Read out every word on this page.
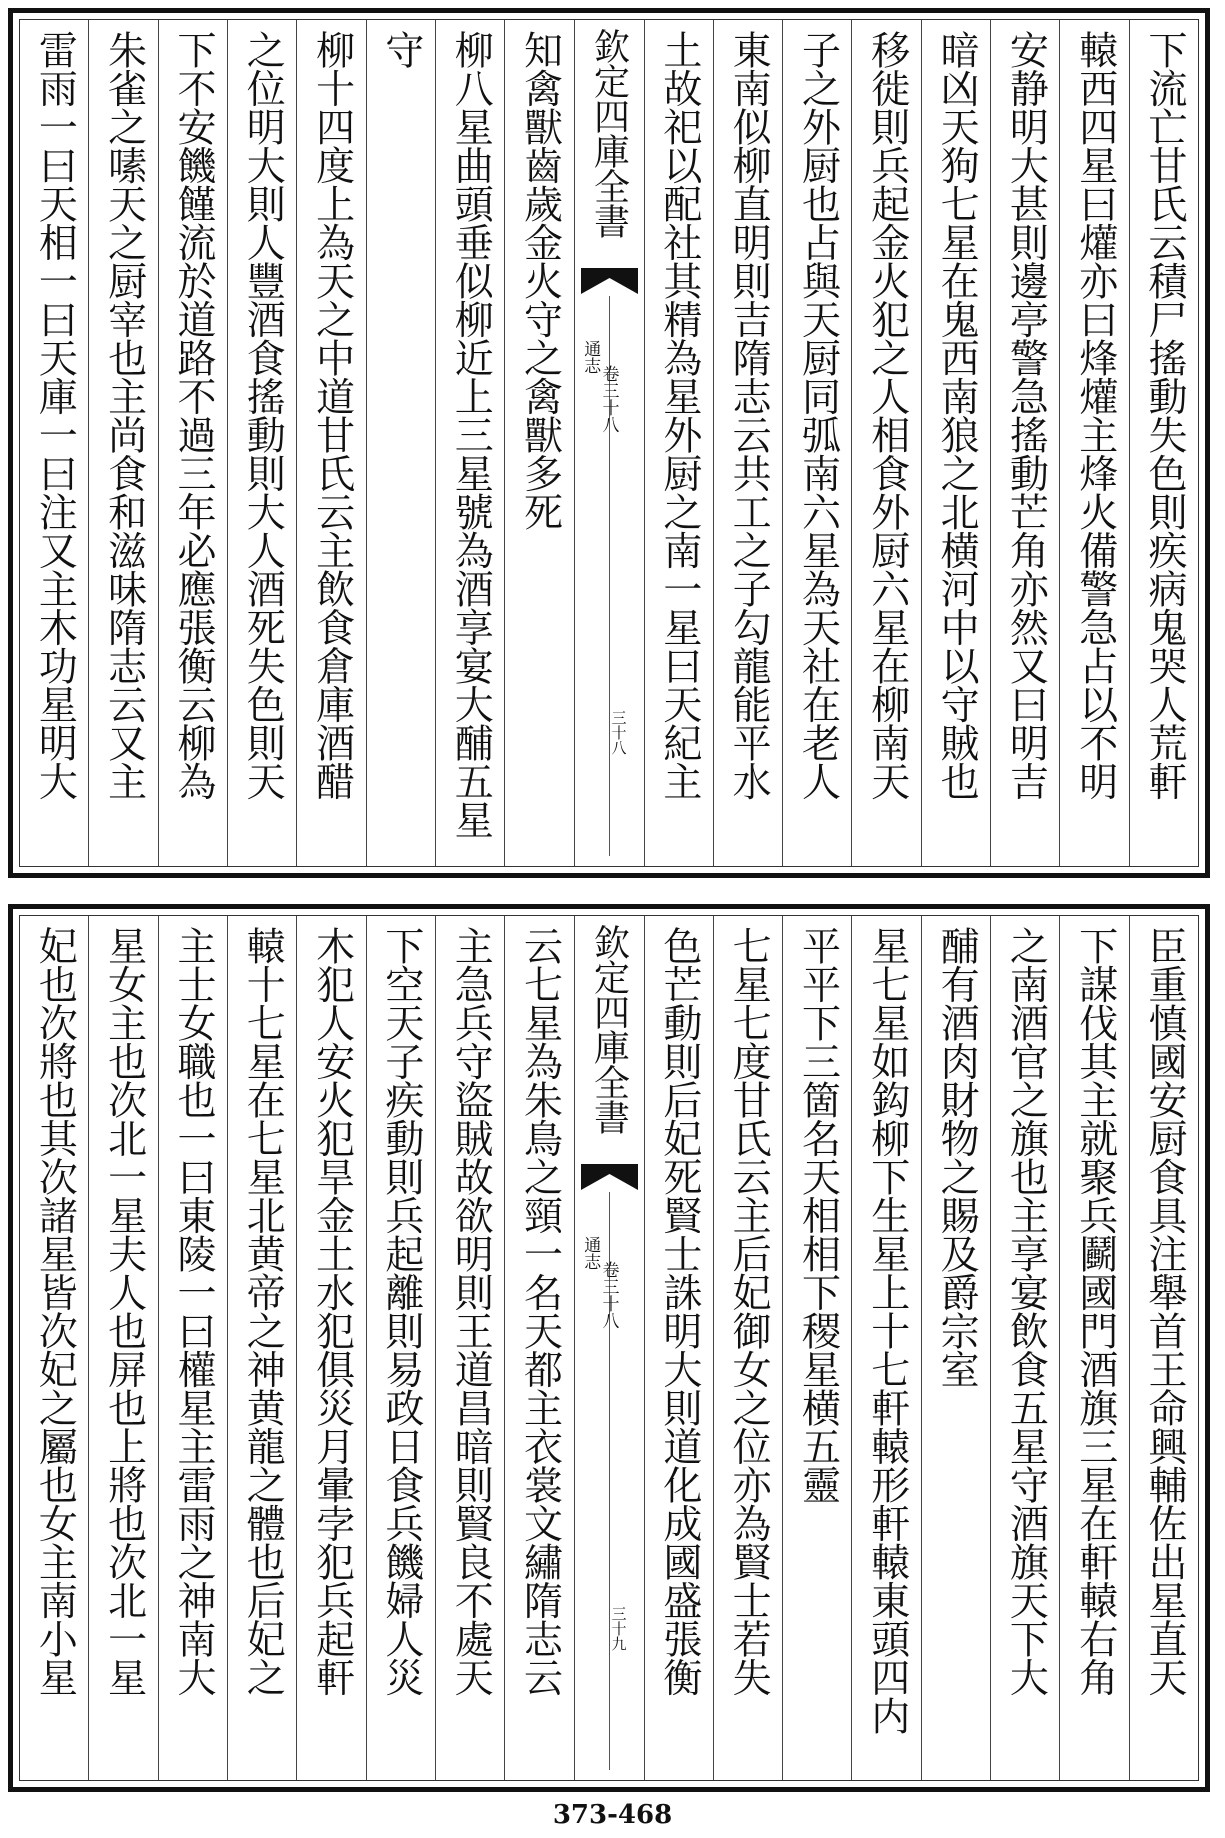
下流亡甘氏云積尸搖動失色則疾病鬼哭人荒軒
轅西四星曰爟亦曰烽爟主烽火備警急占以不明
安静明大甚則邊亭警急搖動芒角亦然又曰明吉
暗凶天狗七星在鬼西南狼之北横河中以守賊也
移徙則兵起金火犯之人相食外厨六星在柳南天
子之外厨也占與天厨同弧南六星為天社在老人
東南似柳直明則吉隋志云共工之子勾龍能平水
土故祀以配社其精為星外厨之南一星曰天紀主
欽定四庫全書
通志
卷三十八
三十八
知禽獸齒歲金火守之禽獸多死
柳八星曲頭垂似柳近上三星號為酒享宴大酺五星
守
柳十四度上為天之中道甘氏云主飲食倉庫酒醋
之位明大則人豐酒食搖動則大人酒死失色則天
下不安饑饉流於道路不過三年必應張衡云柳為
朱雀之嗉天之厨宰也主尚食和滋味隋志云又主
雷雨一曰天相一曰天庫一曰注又主木功星明大
臣重慎國安厨食具注舉首王命興輔佐出星直天
下謀伐其主就聚兵鬬國門酒旗三星在軒轅右角
之南酒官之旗也主享宴飲食五星守酒旗天下大
酺有酒肉財物之賜及爵宗室
星七星如鈎柳下生星上十七軒轅形軒轅東頭四内
平平下三箇名天相相下稷星横五靈
七星七度甘氏云主后妃御女之位亦為賢士若失
色芒動則后妃死賢士誅明大則道化成國盛張衡
欽定四庫全書
通志
卷三十八
三十九
云七星為朱鳥之頸一名天都主衣裳文繡隋志云
主急兵守盜賊故欲明則王道昌暗則賢良不處天
下空天子疾動則兵起離則易政日食兵饑婦人災
木犯人安火犯旱金土水犯俱災月暈孛犯兵起軒
轅十七星在七星北黄帝之神黄龍之體也后妃之
主士女職也一曰東陵一曰權星主雷雨之神南大
星女主也次北一星夫人也屏也上將也次北一星
妃也次將也其次諸星皆次妃之屬也女主南小星
373-468
